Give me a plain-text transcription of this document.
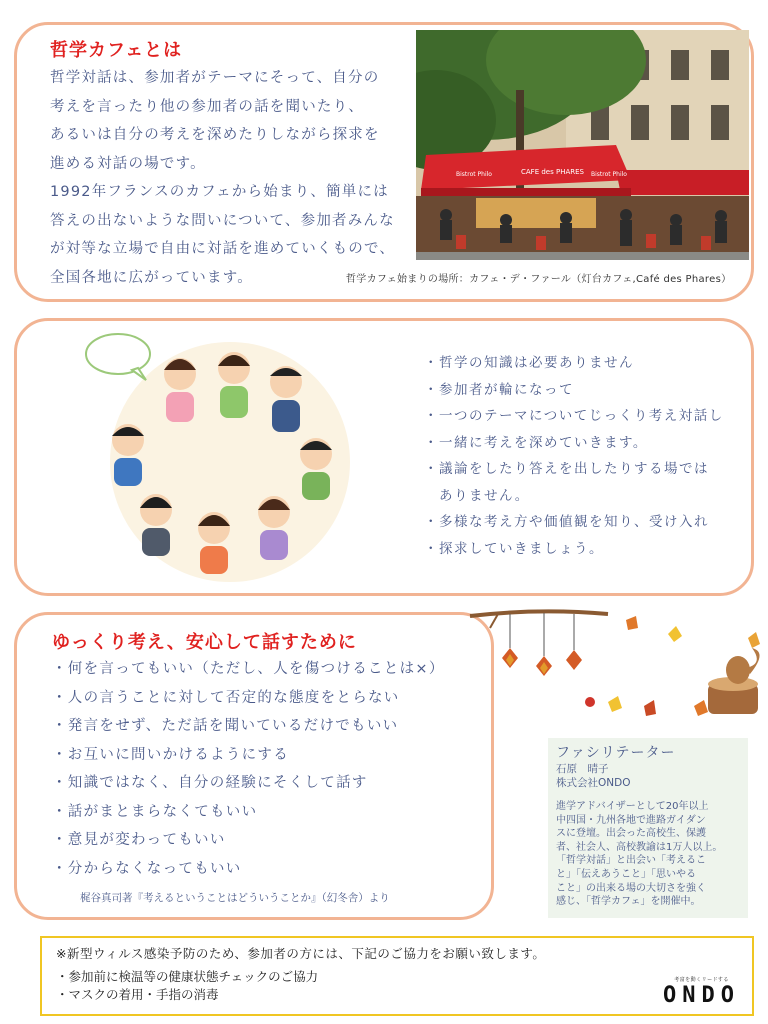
哲学カフェとは
哲学対話は、参加者がテーマにそって、自分の
考えを言ったり他の参加者の話を聞いたり、
あるいは自分の考えを深めたりしながら探求を
進める対話の場です。
1992年フランスのカフェから始まり、簡単には
答えの出ないような問いについて、参加者みんな
が対等な立場で自由に対話を進めていくもので、
全国各地に広がっています。
Bistrot Philo	CAFE des PHARES Bistrot Philo
哲学カフェ始まりの場所：カフェ・デ・ファール（灯台カフェ,Café des Phares）
・哲学の知識は必要ありません
・参加者が輪になって
・一つのテーマについてじっくり考え対話し
・一緒に考えを深めていきます。
・議論をしたり答えを出したりする場では
　ありません。
・多様な考え方や価値観を知り、受け入れ
・探求していきましょう。
ゆっくり考え、安心して話すために
・何を言ってもいい（ただし、人を傷つけることは×）
・人の言うことに対して否定的な態度をとらない
・発言をせず、ただ話を聞いているだけでもいい
・お互いに問いかけるようにする
・知識ではなく、自分の経験にそくして話す
・話がまとまらなくてもいい
・意見が変わってもいい
・分からなくなってもいい
梶谷真司著『考えるということはどういうことか』（幻冬舎）より
ファシリテーター
石原　晴子
株式会社ONDO
進学アドバイザーとして20年以上
中四国・九州各地で進路ガイダン
スに登壇。出会った高校生、保護
者、社会人、高校教諭は1万人以上。
「哲学対話」と出会い「考えるこ
と」「伝えあうこと」「思いやる
こと」の出来る場の大切さを強く
感じ、「哲学カフェ」を開催中。
※新型ウィルス感染予防のため、参加者の方には、下記のご協力をお願い致します。
・参加前に検温等の健康状態チェックのご協力
・マスクの着用・手指の消毒
考富を動くリードする
ONDO
